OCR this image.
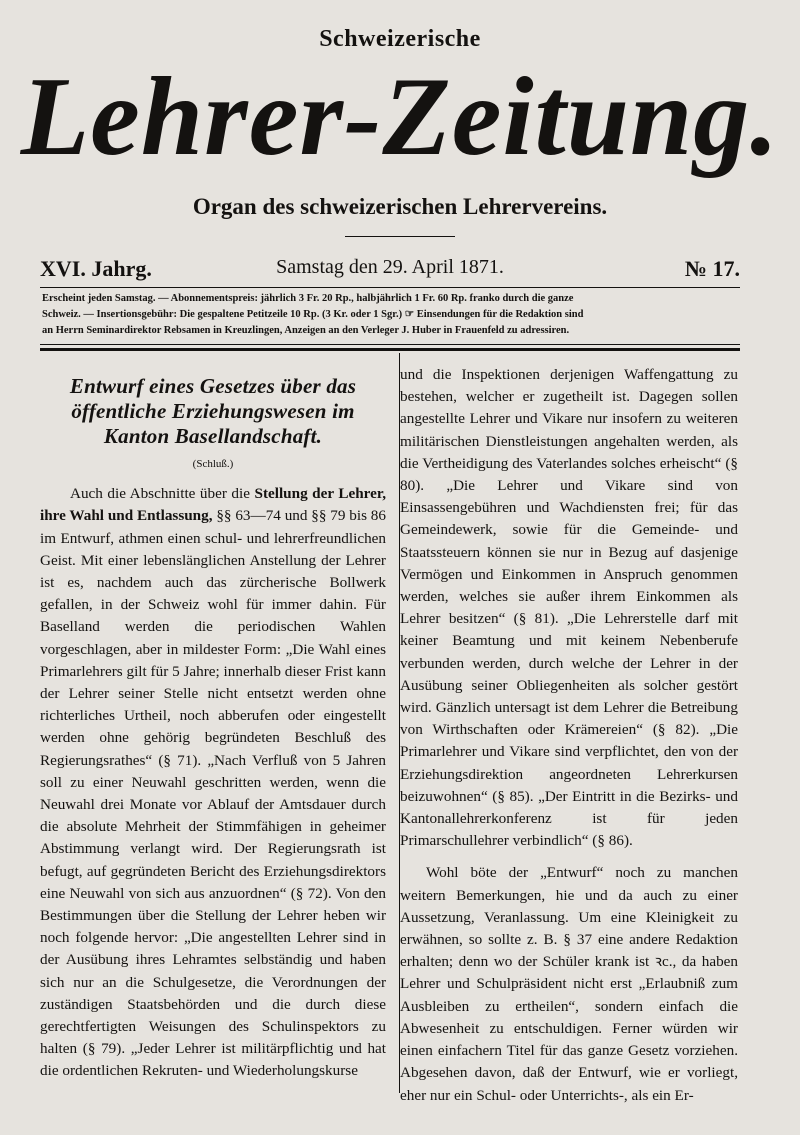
Schweizerische
Lehrer-Zeitung.
Organ des schweizerischen Lehrervereins.
Samstag den 29. April 1871.
XVI. Jahrg.	№ 17.

Erscheint jeden Samstag. — Abonnementspreis: jährlich 3 Fr. 20 Rp., halbjährlich 1 Fr. 60 Rp. franko durch die ganze

Schweiz. — Insertionsgebühr: Die gespaltene Petitzeile 10 Rp. (3 Kr. oder 1 Sgr.) ☞ Einsendungen für die Redaktion sind

an Herrn Seminardirektor Rebsamen in Kreuzlingen, Anzeigen an den Verleger J. Huber in Frauenfeld zu adressiren.

Entwurf eines Gesetzes über das öffentliche Erziehungswesen im Kanton Basellandschaft.
(Schluß.)

Auch die Abschnitte über die Stellung der Lehrer, ihre Wahl und Entlassung, §§ 63—74 und §§ 79 bis 86 im Entwurf, athmen einen schul- und lehrerfreundlichen Geist. Mit einer lebenslänglichen Anstellung der Lehrer ist es, nachdem auch das zürcherische Bollwerk gefallen, in der Schweiz wohl für immer dahin. Für Baselland werden die periodischen Wahlen vorgeschlagen, aber in mildester Form: „Die Wahl eines Primarlehrers gilt für 5 Jahre; innerhalb dieser Frist kann der Lehrer seiner Stelle nicht entsetzt werden ohne richterliches Urtheil, noch abberufen oder eingestellt werden ohne gehörig begründeten Beschluß des Regierungsrathes“ (§ 71). „Nach Verfluß von 5 Jahren soll zu einer Neuwahl geschritten werden, wenn die Neuwahl drei Monate vor Ablauf der Amtsdauer durch die absolute Mehrheit der Stimmfähigen in geheimer Abstimmung verlangt wird. Der Regierungsrath ist befugt, auf gegründeten Bericht des Erziehungsdirektors eine Neuwahl von sich aus anzuordnen“ (§ 72). Von den Bestimmungen über die Stellung der Lehrer heben wir noch folgende hervor: „Die angestellten Lehrer sind in der Ausübung ihres Lehramtes selbständig und haben sich nur an die Schulgesetze, die Verordnungen der zuständigen Staatsbehörden und die durch diese gerechtfertigten Weisungen des Schulinspektors zu halten (§ 79). „Jeder Lehrer ist militärpflichtig und hat die ordentlichen Rekruten- und Wiederholungskurse

und die Inspektionen derjenigen Waffengattung zu bestehen, welcher er zugetheilt ist. Dagegen sollen angestellte Lehrer und Vikare nur insofern zu weiteren militärischen Dienstleistungen angehalten werden, als die Vertheidigung des Vaterlandes solches erheischt“ (§ 80). „Die Lehrer und Vikare sind von Einsassengebühren und Wachdiensten frei; für das Gemeindewerk, sowie für die Gemeinde- und Staatssteuern können sie nur in Bezug auf dasjenige Vermögen und Einkommen in Anspruch genommen werden, welches sie außer ihrem Einkommen als Lehrer besitzen“ (§ 81). „Die Lehrerstelle darf mit keiner Beamtung und mit keinem Nebenberufe verbunden werden, durch welche der Lehrer in der Ausübung seiner Obliegenheiten als solcher gestört wird. Gänzlich untersagt ist dem Lehrer die Betreibung von Wirthschaften oder Krämereien“ (§ 82). „Die Primarlehrer und Vikare sind verpflichtet, den von der Erziehungsdirektion angeordneten Lehrerkursen beizuwohnen“ (§ 85). „Der Eintritt in die Bezirks- und Kantonallehrerkonferenz ist für jeden Primarschullehrer verbindlich“ (§ 86).

Wohl böte der „Entwurf“ noch zu manchen weitern Bemerkungen, hie und da auch zu einer Aussetzung, Veranlassung. Um eine Kleinigkeit zu erwähnen, so sollte z. B. § 37 eine andere Redaktion erhalten; denn wo der Schüler krank ist ꝛc., da haben Lehrer und Schulpräsident nicht erst „Erlaubniß zum Ausbleiben zu ertheilen“, sondern einfach die Abwesenheit zu entschuldigen. Ferner würden wir einen einfachern Titel für das ganze Gesetz vorziehen. Abgesehen davon, daß der Entwurf, wie er vorliegt, eher nur ein Schul- oder Unterrichts-, als ein Er-
